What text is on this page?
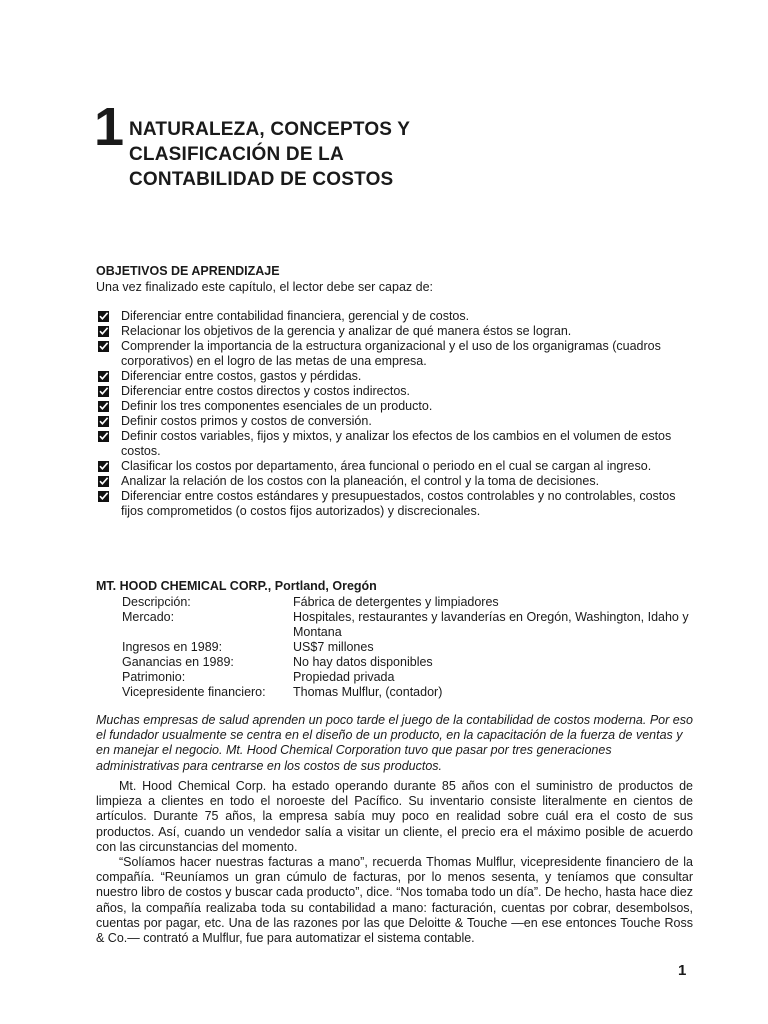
1 NATURALEZA, CONCEPTOS Y
CLASIFICACIÓN DE LA
CONTABILIDAD DE COSTOS
OBJETIVOS DE APRENDIZAJE
Una vez finalizado este capítulo, el lector debe ser capaz de:
Diferenciar entre contabilidad financiera, gerencial y de costos.
Relacionar los objetivos de la gerencia y analizar de qué manera éstos se logran.
Comprender la importancia de la estructura organizacional y el uso de los organigramas (cuadros corporativos) en el logro de las metas de una empresa.
Diferenciar entre costos, gastos y pérdidas.
Diferenciar entre costos directos y costos indirectos.
Definir los tres componentes esenciales de un producto.
Definir costos primos y costos de conversión.
Definir costos variables, fijos y mixtos, y analizar los efectos de los cambios en el volumen de estos costos.
Clasificar los costos por departamento, área funcional o periodo en el cual se cargan al ingreso.
Analizar la relación de los costos con la planeación, el control y la toma de decisiones.
Diferenciar entre costos estándares y presupuestados, costos controlables y no controlables, costos fijos comprometidos (o costos fijos autorizados) y discrecionales.
MT. HOOD CHEMICAL CORP., Portland, Oregón
Descripción:	Fábrica de detergentes y limpiadores
Mercado:	Hospitales, restaurantes y lavanderías en Oregón, Washington, Idaho y Montana
Ingresos en 1989:	US$7 millones
Ganancias en 1989:	No hay datos disponibles
Patrimonio:	Propiedad privada
Vicepresidente financiero:	Thomas Mulflur, (contador)

Muchas empresas de salud aprenden un poco tarde el juego de la contabilidad de costos moderna. Por eso el fundador usualmente se centra en el diseño de un producto, en la capacitación de la fuerza de ventas y en manejar el negocio. Mt. Hood Chemical Corporation tuvo que pasar por tres generaciones administrativas para centrarse en los costos de sus productos.

Mt. Hood Chemical Corp. ha estado operando durante 85 años con el suministro de productos de limpieza a clientes en todo el noroeste del Pacífico. Su inventario consiste literalmente en cientos de artículos. Durante 75 años, la empresa sabía muy poco en realidad sobre cuál era el costo de sus productos. Así, cuando un vendedor salía a visitar un cliente, el precio era el máximo posible de acuerdo con las circunstancias del momento.

“Solíamos hacer nuestras facturas a mano”, recuerda Thomas Mulflur, vicepresidente financiero de la compañía. “Reuníamos un gran cúmulo de facturas, por lo menos sesenta, y teníamos que consultar nuestro libro de costos y buscar cada producto”, dice. “Nos tomaba todo un día”. De hecho, hasta hace diez años, la compañía realizaba toda su contabilidad a mano: facturación, cuentas por cobrar, desembolsos, cuentas por pagar, etc. Una de las razones por las que Deloitte & Touche —en ese entonces Touche Ross & Co.— contrató a Mulflur, fue para automatizar el sistema contable.

1
